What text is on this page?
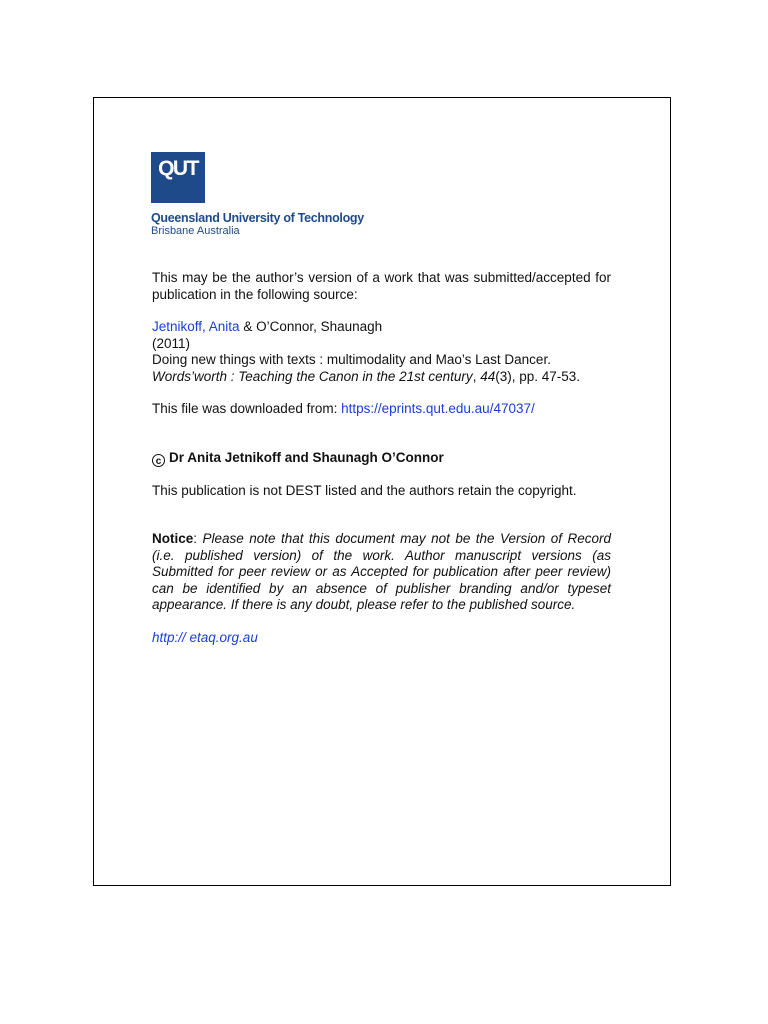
QUT
Queensland University of Technology
Brisbane Australia

This may be the author’s version of a work that was submitted/accepted for publication in the following source:

Jetnikoff, Anita & O’Connor, Shaunagh

(2011)

Doing new things with texts : multimodality and Mao’s Last Dancer.

Words’worth : Teaching the Canon in the 21st century, 44(3), pp. 47-53.

This file was downloaded from: https://eprints.qut.edu.au/47037/

c Dr Anita Jetnikoff and Shaunagh O’Connor

This publication is not DEST listed and the authors retain the copyright.

Notice: Please note that this document may not be the Version of Record (i.e. published version) of the work. Author manuscript versions (as Submitted for peer review or as Accepted for publication after peer review) can be identified by an absence of publisher branding and/or typeset appearance. If there is any doubt, please refer to the published source.

http:// etaq.org.au
